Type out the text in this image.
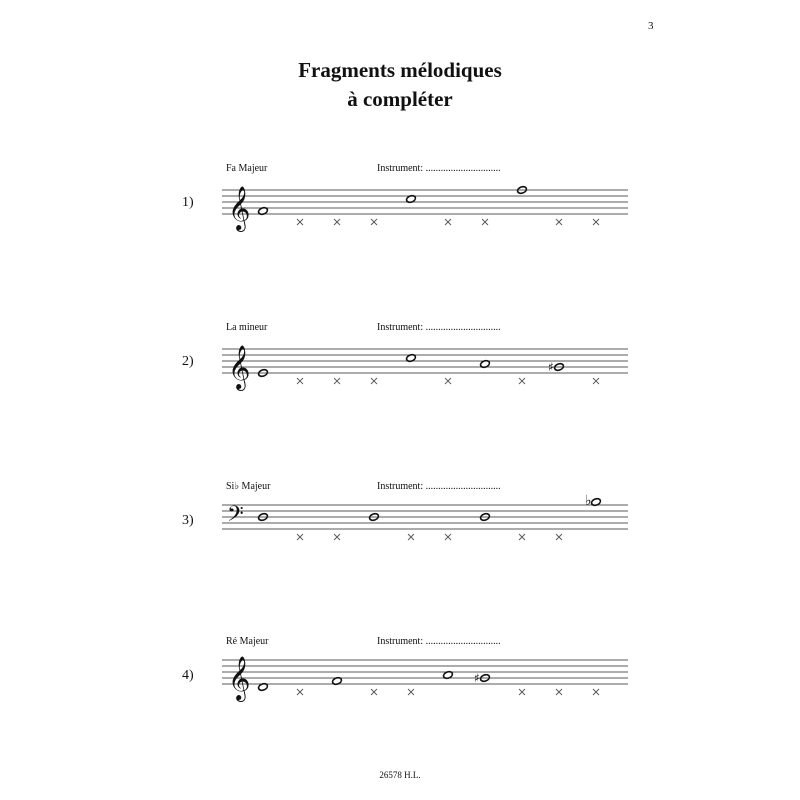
3
Fragments mélodiques
à compléter
Fa Majeur	Instrument: ..............................
1) 𝄞
La mineur	Instrument: ..............................
2) 𝄞	♯
Si♭ Majeur	Instrument: ..............................
3) 𝄢
♭
Ré Majeur	Instrument: ..............................
4) 𝄞	♯
26578 H.L.
